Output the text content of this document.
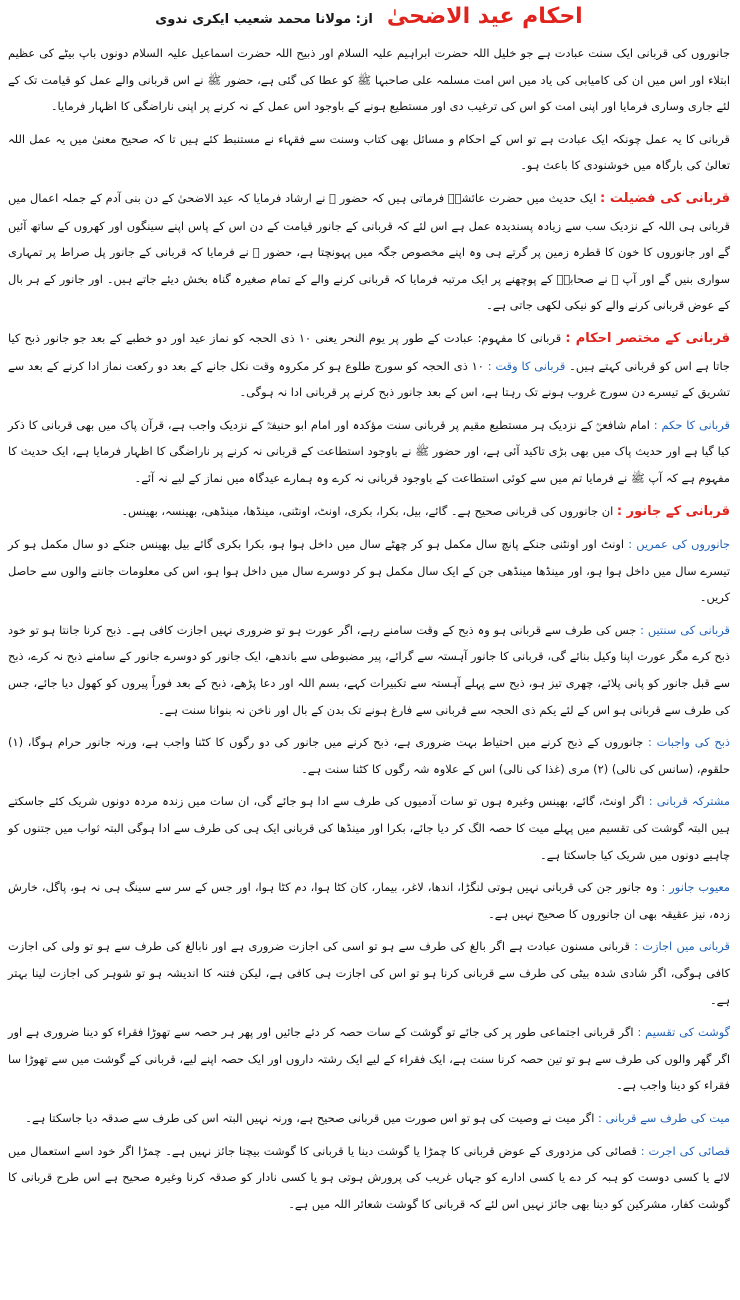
احکام عید الاضحیٰ
از: مولانا محمد شعیب ایکری ندوی

جانوروں کی قربانی ایک سنت عبادت ہے جو خلیل اللہ حضرت ابراہیم علیہ السلام اور ذبیح اللہ حضرت اسماعیل علیہ السلام دونوں باپ بیٹے کی عظیم ابتلاء اور اس میں ان کی کامیابی کی یاد میں اس امت مسلمہ علی صاحبہا ﷺ کو عطا کی گئی ہے، حضور ﷺ نے اس قربانی والے عمل کو قیامت تک کے لئے جاری وساری فرمایا اور اپنی امت کو اس کی ترغیب دی اور مستطیع ہونے کے باوجود اس عمل کے نہ کرنے پر اپنی ناراضگی کا اظہار فرمایا۔

قربانی کا یہ عمل چونکہ ایک عبادت ہے تو اس کے احکام و مسائل بھی کتاب وسنت سے فقہاء نے مستنبط کئے ہیں تا کہ صحیح معنیٰ میں یہ عمل اللہ تعالیٰ کی بارگاہ میں خوشنودی کا باعث ہو۔

قربانی کی فضیلت : ایک حدیث میں حضرت عائشہؓ فرماتی ہیں کہ حضور ﷺ نے ارشاد فرمایا کہ عید الاضحیٰ کے دن بنی آدم کے جملہ اعمال میں قربانی ہی اللہ کے نزدیک سب سے زیادہ پسندیدہ عمل ہے اس لئے کہ قربانی کے جانور قیامت کے دن اس کے پاس اپنے سینگوں اور کھروں کے ساتھ آئیں گے اور جانوروں کا خون کا قطرہ زمین پر گرتے ہی وہ اپنے مخصوص جگہ میں پہونچتا ہے، حضور ﷺ نے فرمایا کہ قربانی کے جانور پل صراط پر تمہاری سواری بنیں گے اور آپ ﷺ نے صحابہؓ کے پوچھنے پر ایک مرتبہ فرمایا کہ قربانی کرنے والے کے تمام صغیرہ گناہ بخش دیئے جاتے ہیں۔ اور جانور کے ہر بال کے عوض قربانی کرنے والے کو نیکی لکھی جاتی ہے۔

قربانی کے مختصر احکام : قربانی کا مفہوم: عبادت کے طور پر یوم النحر یعنی ۱۰ ذی الحجہ کو نماز عید اور دو خطبے کے بعد جو جانور ذبح کیا جاتا ہے اس کو قربانی کہتے ہیں۔ قربانی کا وقت : ۱۰ ذی الحجہ کو سورج طلوع ہو کر مکروہ وقت نکل جانے کے بعد دو رکعت نماز ادا کرنے کے بعد سے تشریق کے تیسرے دن سورج غروب ہونے تک رہتا ہے، اس کے بعد جانور ذبح کرنے پر قربانی ادا نہ ہوگی۔

قربانی کا حکم : امام شافعیؒ کے نزدیک ہر مستطیع مقیم پر قربانی سنت مؤکدہ اور امام ابو حنیفہؒ کے نزدیک واجب ہے، قرآن پاک میں بھی قربانی کا ذکر کیا گیا ہے اور حدیث پاک میں بھی بڑی تاکید آئی ہے، اور حضور ﷺ نے باوجود استطاعت کے قربانی نہ کرنے پر ناراضگی کا اظہار فرمایا ہے، ایک حدیث کا مفہوم ہے کہ آپ ﷺ نے فرمایا تم میں سے کوئی استطاعت کے باوجود قربانی نہ کرے وہ ہمارے عیدگاہ میں نماز کے لیے نہ آئے۔

قربانی کے جانور : ان جانوروں کی قربانی صحیح ہے۔ گائے، بیل، بکرا، بکری، اونٹ، اونٹنی، مینڈھا، مینڈھی، بھینسہ، بھینس۔

جانوروں کی عمریں : اونٹ اور اونٹنی جنکے پانچ سال مکمل ہو کر چھٹے سال میں داخل ہوا ہو، بکرا بکری گائے بیل بھینس جنکے دو سال مکمل ہو کر تیسرے سال میں داخل ہوا ہو، اور مینڈھا مینڈھی جن کے ایک سال مکمل ہو کر دوسرے سال میں داخل ہوا ہو، اس کی معلومات جاننے والوں سے حاصل کریں۔

قربانی کی سنتیں : جس کی طرف سے قربانی ہو وہ ذبح کے وقت سامنے رہے، اگر عورت ہو تو ضروری نہیں اجازت کافی ہے۔ ذبح کرنا جانتا ہو تو خود ذبح کرے مگر عورت اپنا وکیل بنائے گی، قربانی کا جانور آہستہ سے گرائے، پیر مضبوطی سے باندھے، ایک جانور کو دوسرے جانور کے سامنے ذبح نہ کرے، ذبح سے قبل جانور کو پانی پلائے، چھری تیز ہو، ذبح سے پہلے آہستہ سے تکبیرات کہے، بسم اللہ اور دعا پڑھے، ذبح کے بعد فوراً پیروں کو کھول دیا جائے، جس کی طرف سے قربانی ہو اس کے لئے یکم ذی الحجہ سے قربانی سے فارغ ہونے تک بدن کے بال اور ناخن نہ بنوانا سنت ہے۔

ذبح کی واجبات : جانوروں کے ذبح کرنے میں احتیاط بہت ضروری ہے، ذبح کرنے میں جانور کی دو رگوں کا کٹنا واجب ہے، ورنہ جانور حرام ہوگا، (۱) حلقوم، (سانس کی نالی) (۲) مری (غذا کی نالی) اس کے علاوہ شہ رگوں کا کٹنا سنت ہے۔

مشترکہ قربانی : اگر اونٹ، گائے، بھینس وغیرہ ہوں تو سات آدمیوں کی طرف سے ادا ہو جائے گی، ان سات میں زندہ مردہ دونوں شریک کئے جاسکتے ہیں البتہ گوشت کی تقسیم میں پہلے میت کا حصہ الگ کر دیا جائے، بکرا اور مینڈھا کی قربانی ایک ہی کی طرف سے ادا ہوگی البتہ ثواب میں جتنوں کو چاہیے دونوں میں شریک کیا جاسکتا ہے۔

معیوب جانور : وہ جانور جن کی قربانی نہیں ہوتی لنگڑا، اندھا، لاغر، بیمار، کان کٹا ہوا، دم کٹا ہوا، اور جس کے سر سے سینگ ہی نہ ہو، پاگل، خارش زدہ، نیز عقیقہ بھی ان جانوروں کا صحیح نہیں ہے۔

قربانی میں اجازت : قربانی مسنون عبادت ہے اگر بالغ کی طرف سے ہو تو اسی کی اجازت ضروری ہے اور نابالغ کی طرف سے ہو تو ولی کی اجازت کافی ہوگی، اگر شادی شدہ بیٹی کی طرف سے قربانی کرنا ہو تو اس کی اجازت ہی کافی ہے، لیکن فتنہ کا اندیشہ ہو تو شوہر کی اجازت لینا بہتر ہے۔

گوشت کی تقسیم : اگر قربانی اجتماعی طور پر کی جائے تو گوشت کے سات حصہ کر دئے جائیں اور پھر ہر حصہ سے تھوڑا فقراء کو دینا ضروری ہے اور اگر گھر والوں کی طرف سے ہو تو تین حصہ کرنا سنت ہے، ایک فقراء کے لیے ایک رشتہ داروں اور ایک حصہ اپنے لیے، قربانی کے گوشت میں سے تھوڑا سا فقراء کو دینا واجب ہے۔

میت کی طرف سے قربانی : اگر میت نے وصیت کی ہو تو اس صورت میں قربانی صحیح ہے، ورنہ نہیں البتہ اس کی طرف سے صدقہ دیا جاسکتا ہے۔

قصائی کی اجرت : قصائی کی مزدوری کے عوض قربانی کا چمڑا یا گوشت دینا یا قربانی کا گوشت بیچنا جائز نہیں ہے۔ چمڑا اگر خود اسے استعمال میں لائے یا کسی دوست کو ہبہ کر دے یا کسی ادارے کو جہاں غریب کی پرورش ہوتی ہو یا کسی نادار کو صدقہ کرنا وغیرہ صحیح ہے اس طرح قربانی کا گوشت کفار، مشرکین کو دینا بھی جائز نہیں اس لئے کہ قربانی کا گوشت شعائر اللہ میں ہے۔
